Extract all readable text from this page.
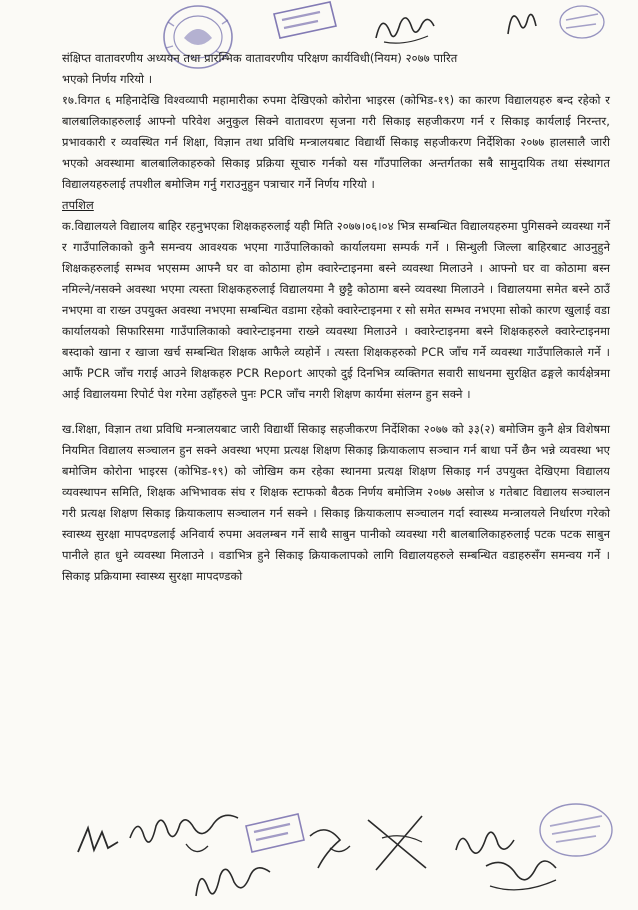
संक्षिप्त वातावरणीय अध्ययन तथा प्रारम्भिक वातावरणीय परिक्षण कार्यविधी(नियम) २०७७ पारित

भएको निर्णय गरियो ।

१७.विगत ६ महिनादेखि विश्वव्यापी महामारीका रुपमा देखिएको कोरोना भाइरस (कोभिड-१९) का कारण विद्यालयहरु बन्द रहेको र बालबालिकाहरुलाई आफ्नो परिवेश अनुकुल सिक्ने वातावरण सृजना गरी सिकाइ सहजीकरण गर्न र सिकाइ कार्यलाई निरन्तर, प्रभावकारी र व्यवस्थित गर्न शिक्षा, विज्ञान तथा प्रविधि मन्त्रालयबाट विद्यार्थी सिकाइ सहजीकरण निर्देशिका २०७७ हालसालै जारी भएको अवस्थामा बालबालिकाहरुको सिकाइ प्रक्रिया सूचारु गर्नको यस गाँउपालिका अन्तर्गतका सबै सामुदायिक तथा संस्थागत विद्यालयहरुलाई तपशील बमोजिम गर्नु गराउनुहुन पत्राचार गर्ने निर्णय गरियो ।

तपशिल

क.विद्यालयले विद्यालय बाहिर रहनुभएका शिक्षकहरुलाई यही मिति २०७७।०६।०४ भित्र सम्बन्धित विद्यालयहरुमा पुगिसक्ने व्यवस्था गर्ने र गाउँपालिकाको कुनै समन्वय आवश्यक भएमा गाउँपालिकाको कार्यालयमा सम्पर्क गर्ने । सिन्धुली जिल्ला बाहिरबाट आउनुहुने शिक्षकहरुलाई सम्भव भएसम्म आफ्नै घर वा कोठामा होम क्वारेन्टाइनमा बस्ने व्यवस्था मिलाउने । आफ्नो घर वा कोठामा बस्न नमिल्ने/नसक्ने अवस्था भएमा त्यस्ता शिक्षकहरुलाई विद्यालयमा नै छुट्टै कोठामा बस्ने व्यवस्था मिलाउने । विद्यालयमा समेत बस्ने ठाउँ नभएमा वा राख्न उपयुक्त अवस्था नभएमा सम्बन्धित वडामा रहेको क्वारेन्टाइनमा र सो समेत सम्भव नभएमा सोको कारण खुलाई वडा कार्यालयको सिफारिसमा गाउँपालिकाको क्वारेन्टाइनमा राख्ने व्यवस्था मिलाउने । क्वारेन्टाइनमा बस्ने शिक्षकहरुले क्वारेन्टाइनमा बस्दाको खाना र खाजा खर्च सम्बन्धित शिक्षक आफैले व्यहोर्ने । त्यस्ता शिक्षकहरुको PCR जाँच गर्ने व्यवस्था गाउँपालिकाले गर्ने । आफैं PCR जाँच गराई आउने शिक्षकहरु PCR Report आएको दुई दिनभित्र व्यक्तिगत सवारी साधनमा सुरक्षित ढङ्गले कार्यक्षेत्रमा आई विद्यालयमा रिपोर्ट पेश गरेमा उहाँहरुले पुनः PCR जाँच नगरी शिक्षण कार्यमा संलग्न हुन सक्ने ।

ख.शिक्षा, विज्ञान तथा प्रविधि मन्त्रालयबाट जारी विद्यार्थी सिकाइ सहजीकरण निर्देशिका २०७७ को ३३(२) बमोजिम कुनै क्षेत्र विशेषमा नियमित विद्यालय सञ्चालन हुन सक्ने अवस्था भएमा प्रत्यक्ष शिक्षण सिकाइ क्रियाकलाप सञ्चान गर्न बाधा पर्ने छैन भन्ने व्यवस्था भए बमोजिम कोरोना भाइरस (कोभिड-१९) को जोखिम कम रहेका स्थानमा प्रत्यक्ष शिक्षण सिकाइ गर्न उपयुक्त देखिएमा विद्यालय व्यवस्थापन समिति, शिक्षक अभिभावक संघ र शिक्षक स्टाफको बैठक निर्णय बमोजिम २०७७ असोज ४ गतेबाट विद्यालय सञ्चालन गरी प्रत्यक्ष शिक्षण सिकाइ क्रियाकलाप सञ्चालन गर्न सक्ने । सिकाइ क्रियाकलाप सञ्चालन गर्दा स्वास्थ्य मन्त्रालयले निर्धारण गरेको स्वास्थ्य सुरक्षा मापदण्डलाई अनिवार्य रुपमा अवलम्बन गर्ने साथै साबुन पानीको व्यवस्था गरी बालबालिकाहरुलाई पटक पटक साबुन पानीले हात धुने व्यवस्था मिलाउने । वडाभित्र हुने सिकाइ क्रियाकलापको लागि विद्यालयहरुले सम्बन्धित वडाहरुसँग समन्वय गर्ने । सिकाइ प्रक्रियामा स्वास्थ्य सुरक्षा मापदण्डको
